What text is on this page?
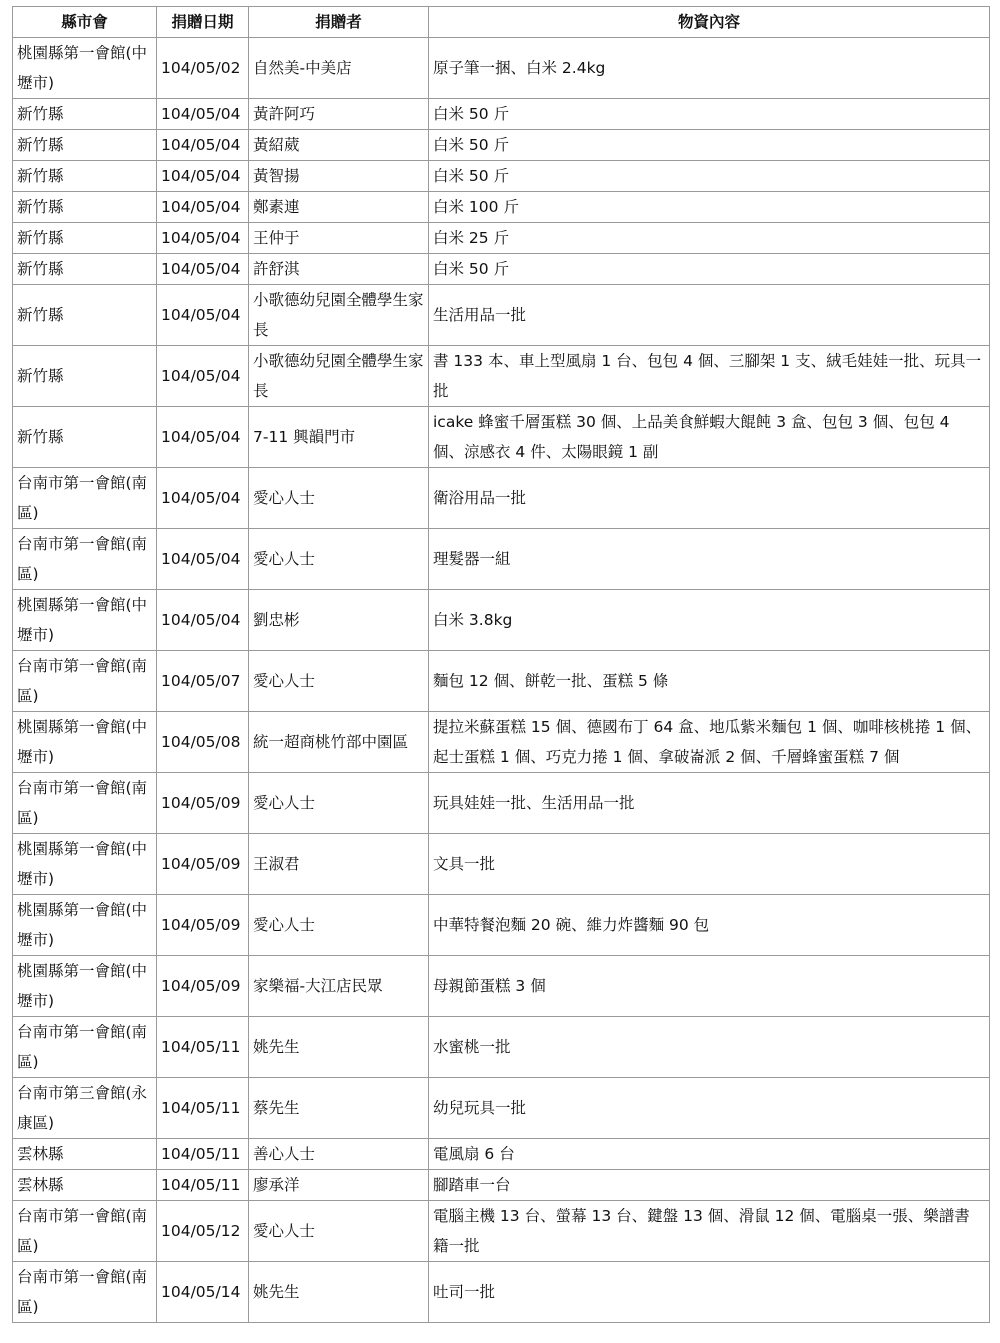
縣市會	捐贈日期	捐贈者	物資內容
桃園縣第一會館(中壢市)	104/05/02	自然美-中美店	原子筆一捆、白米 2.4kg
新竹縣	104/05/04	黃許阿巧	白米 50 斤
新竹縣	104/05/04	黃紹葳	白米 50 斤
新竹縣	104/05/04	黃智揚	白米 50 斤
新竹縣	104/05/04	鄭素連	白米 100 斤
新竹縣	104/05/04	王仲于	白米 25 斤
新竹縣	104/05/04	許舒淇	白米 50 斤
新竹縣	104/05/04	小歌德幼兒園全體學生家長	生活用品一批
新竹縣	104/05/04	小歌德幼兒園全體學生家長	書 133 本、車上型風扇 1 台、包包 4 個、三腳架 1 支、絨毛娃娃一批、玩具一批
新竹縣	104/05/04	7-11 興韻門市	icake 蜂蜜千層蛋糕 30 個、上品美食鮮蝦大餛飩 3 盒、包包 3 個、包包 4 個、涼感衣 4 件、太陽眼鏡 1 副
台南市第一會館(南區)	104/05/04	愛心人士	衛浴用品一批
台南市第一會館(南區)	104/05/04	愛心人士	理髮器一組
桃園縣第一會館(中壢市)	104/05/04	劉忠彬	白米 3.8kg
台南市第一會館(南區)	104/05/07	愛心人士	麵包 12 個、餅乾一批、蛋糕 5 條
桃園縣第一會館(中壢市)	104/05/08	統一超商桃竹部中園區	提拉米蘇蛋糕 15 個、德國布丁 64 盒、地瓜紫米麵包 1 個、咖啡核桃捲 1 個、起士蛋糕 1 個、巧克力捲 1 個、拿破崙派 2 個、千層蜂蜜蛋糕 7 個
台南市第一會館(南區)	104/05/09	愛心人士	玩具娃娃一批、生活用品一批
桃園縣第一會館(中壢市)	104/05/09	王淑君	文具一批
桃園縣第一會館(中壢市)	104/05/09	愛心人士	中華特餐泡麵 20 碗、維力炸醬麵 90 包
桃園縣第一會館(中壢市)	104/05/09	家樂福-大江店民眾	母親節蛋糕 3 個
台南市第一會館(南區)	104/05/11	姚先生	水蜜桃一批
台南市第三會館(永康區)	104/05/11	蔡先生	幼兒玩具一批
雲林縣	104/05/11	善心人士	電風扇 6 台
雲林縣	104/05/11	廖承洋	腳踏車一台
台南市第一會館(南區)	104/05/12	愛心人士	電腦主機 13 台、螢幕 13 台、鍵盤 13 個、滑鼠 12 個、電腦桌一張、樂譜書籍一批
台南市第一會館(南區)	104/05/14	姚先生	吐司一批
